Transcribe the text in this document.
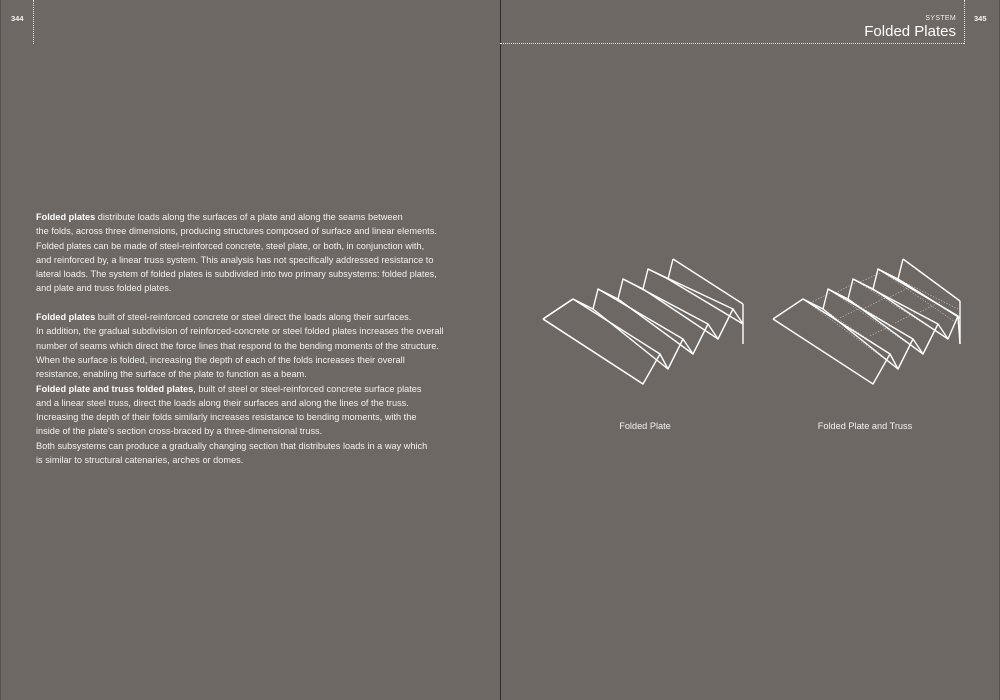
344	345
SYSTEM
Folded Plates

Folded plates distribute loads along the surfaces of a plate and along the seams between
the folds, across three dimensions, producing structures composed of surface and linear elements.
Folded plates can be made of steel-reinforced concrete, steel plate, or both, in conjunction with,
and reinforced by, a linear truss system. This analysis has not specifically addressed resistance to
lateral loads. The system of folded plates is subdivided into two primary subsystems: folded plates,
and plate and truss folded plates.

Folded plates built of steel-reinforced concrete or steel direct the loads along their surfaces.
In addition, the gradual subdivision of reinforced-concrete or steel folded plates increases the overall
number of seams which direct the force lines that respond to the bending moments of the structure.
When the surface is folded, increasing the depth of each of the folds increases their overall
resistance, enabling the surface of the plate to function as a beam.
Folded plate and truss folded plates, built of steel or steel-reinforced concrete surface plates
and a linear steel truss, direct the loads along their surfaces and along the lines of the truss.
Increasing the depth of their folds similarly increases resistance to bending moments, with the
inside of the plate's section cross-braced by a three-dimensional truss.
Both subsystems can produce a gradually changing section that distributes loads in a way which
is similar to structural catenaries, arches or domes.

Folded Plate	Folded Plate and Truss
